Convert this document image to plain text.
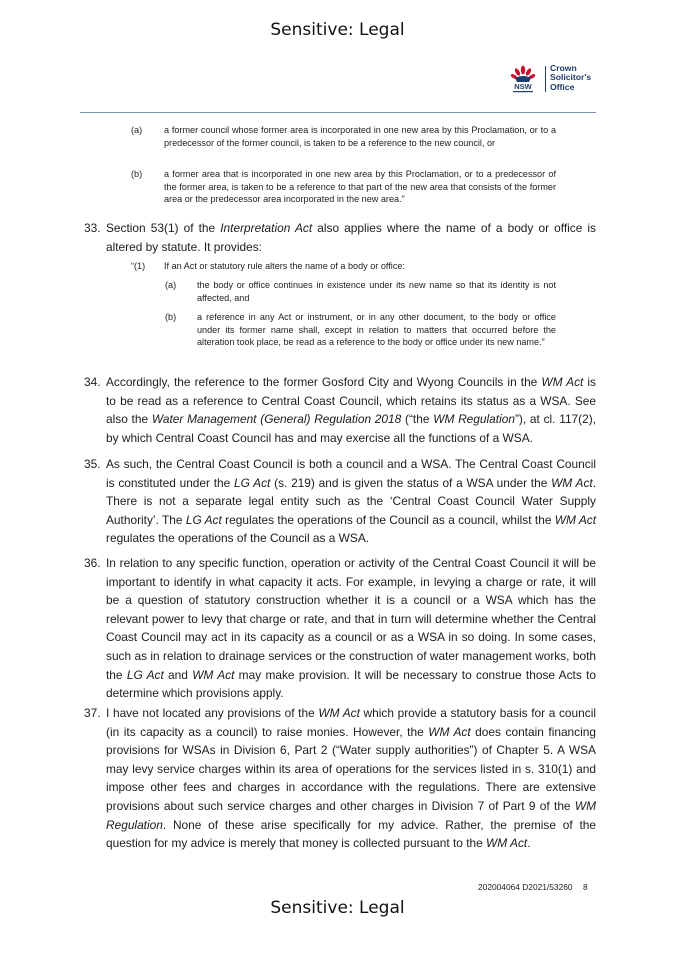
Sensitive: Legal
NSW
Crown
Solicitor's
Office
(a) a former council whose former area is incorporated in one new area by this Proclamation, or to a predecessor of the former council, is taken to be a reference to the new council, or
(b) a former area that is incorporated in one new area by this Proclamation, or to a predecessor of the former area, is taken to be a reference to that part of the new area that consists of the former area or the predecessor area incorporated in the new area.”
33. Section 53(1) of the Interpretation Act also applies where the name of a body or office is altered by statute. It provides:
“(1) If an Act or statutory rule alters the name of a body or office:
(a) the body or office continues in existence under its new name so that its identity is not affected, and
(b) a reference in any Act or instrument, or in any other document, to the body or office under its former name shall, except in relation to matters that occurred before the alteration took place, be read as a reference to the body or office under its new name.”
34. Accordingly, the reference to the former Gosford City and Wyong Councils in the WM Act is to be read as a reference to Central Coast Council, which retains its status as a WSA. See also the Water Management (General) Regulation 2018 (“the WM Regulation”), at cl. 117(2), by which Central Coast Council has and may exercise all the functions of a WSA.
35. As such, the Central Coast Council is both a council and a WSA. The Central Coast Council is constituted under the LG Act (s. 219) and is given the status of a WSA under the WM Act. There is not a separate legal entity such as the ‘Central Coast Council Water Supply Authority’. The LG Act regulates the operations of the Council as a council, whilst the WM Act regulates the operations of the Council as a WSA.
36. In relation to any specific function, operation or activity of the Central Coast Council it will be important to identify in what capacity it acts. For example, in levying a charge or rate, it will be a question of statutory construction whether it is a council or a WSA which has the relevant power to levy that charge or rate, and that in turn will determine whether the Central Coast Council may act in its capacity as a council or as a WSA in so doing. In some cases, such as in relation to drainage services or the construction of water management works, both the LG Act and WM Act may make provision. It will be necessary to construe those Acts to determine which provisions apply.
37. I have not located any provisions of the WM Act which provide a statutory basis for a council (in its capacity as a council) to raise monies. However, the WM Act does contain financing provisions for WSAs in Division 6, Part 2 (“Water supply authorities”) of Chapter 5. A WSA may levy service charges within its area of operations for the services listed in s. 310(1) and impose other fees and charges in accordance with the regulations. There are extensive provisions about such service charges and other charges in Division 7 of Part 9 of the WM Regulation. None of these arise specifically for my advice. Rather, the premise of the question for my advice is merely that money is collected pursuant to the WM Act.
202004064 D2021/53260 8
Sensitive: Legal
